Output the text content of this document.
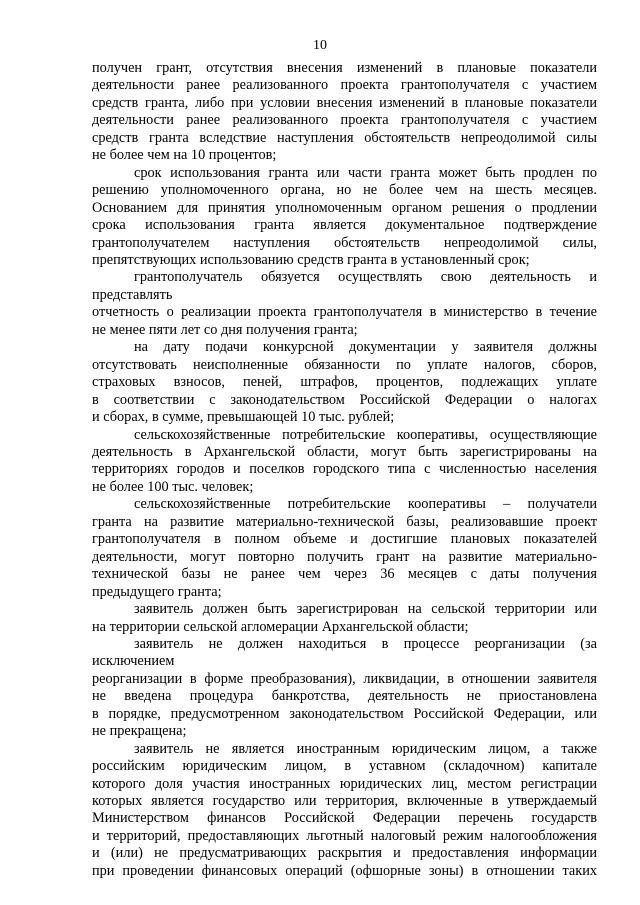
10
получен грант, отсутствия внесения изменений в плановые показатели
деятельности ранее реализованного проекта грантополучателя с участием
средств гранта, либо при условии внесения изменений в плановые показатели
деятельности ранее реализованного проекта грантополучателя с участием
средств гранта вследствие наступления обстоятельств непреодолимой силы
не более чем на 10 процентов;
срок использования гранта или части гранта может быть продлен по
решению уполномоченного органа, но не более чем на шесть месяцев.
Основанием для принятия уполномоченным органом решения о продлении
срока использования гранта является документальное подтверждение
грантополучателем наступления обстоятельств непреодолимой силы,
препятствующих использованию средств гранта в установленный срок;
грантополучатель обязуется осуществлять свою деятельность и представлять
отчетность о реализации проекта грантополучателя в министерство в течение
не менее пяти лет со дня получения гранта;
на дату подачи конкурсной документации у заявителя должны
отсутствовать неисполненные обязанности по уплате налогов, сборов,
страховых взносов, пеней, штрафов, процентов, подлежащих уплате
в соответствии с законодательством Российской Федерации о налогах
и сборах, в сумме, превышающей 10 тыс. рублей;
сельскохозяйственные потребительские кооперативы, осуществляющие
деятельность в Архангельской области, могут быть зарегистрированы на
территориях городов и поселков городского типа с численностью населения
не более 100 тыс. человек;
сельскохозяйственные потребительские кооперативы – получатели
гранта на развитие материально-технической базы, реализовавшие проект
грантополучателя в полном объеме и достигшие плановых показателей
деятельности, могут повторно получить грант на развитие материально-
технической базы не ранее чем через 36 месяцев с даты получения
предыдущего гранта;
заявитель должен быть зарегистрирован на сельской территории или
на территории сельской агломерации Архангельской области;
заявитель не должен находиться в процессе реорганизации (за исключением
реорганизации в форме преобразования), ликвидации, в отношении заявителя
не введена процедура банкротства, деятельность не приостановлена
в порядке, предусмотренном законодательством Российской Федерации, или
не прекращена;
заявитель не является иностранным юридическим лицом, а также
российским юридическим лицом, в уставном (складочном) капитале
которого доля участия иностранных юридических лиц, местом регистрации
которых является государство или территория, включенные в утверждаемый
Министерством финансов Российской Федерации перечень государств
и территорий, предоставляющих льготный налоговый режим налогообложения
и (или) не предусматривающих раскрытия и предоставления информации
при проведении финансовых операций (офшорные зоны) в отношении таких
